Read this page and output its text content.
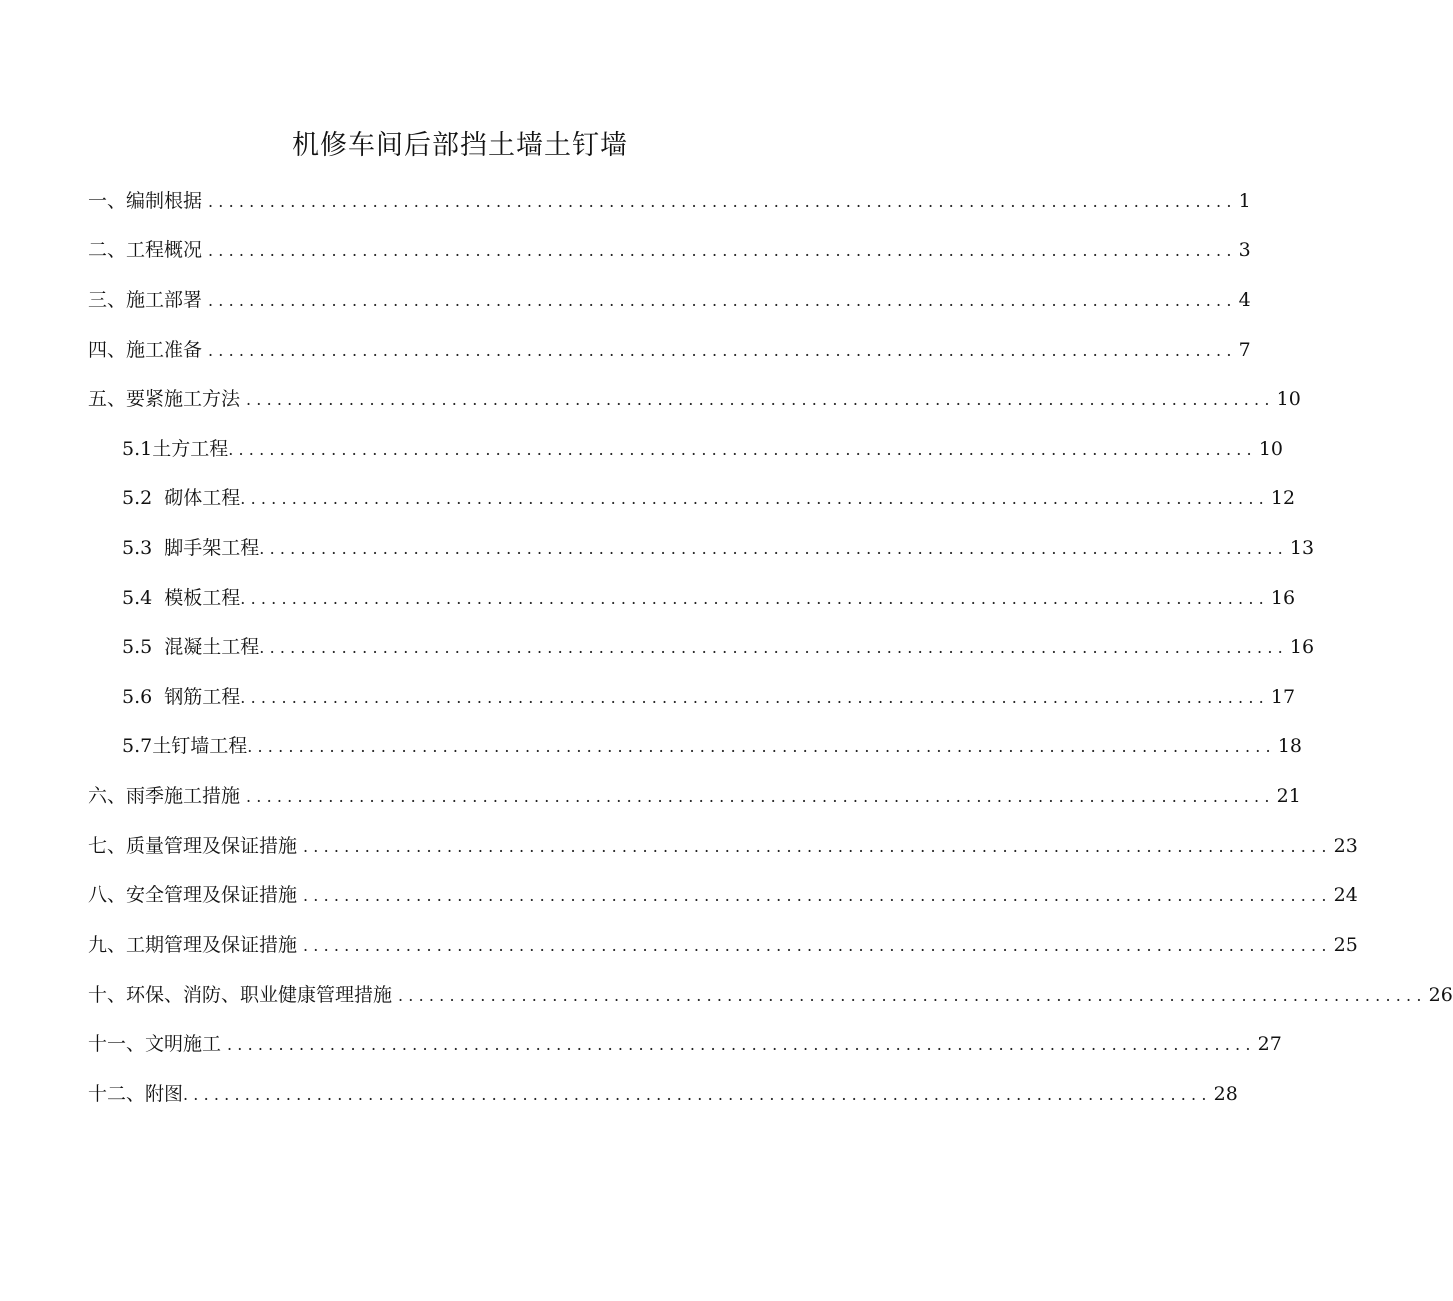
机修车间后部挡土墙土钉墙
一、编制根据 .................................................................................................... 1
二、工程概况 .................................................................................................... 3
三、施工部署 .................................................................................................... 4
四、施工准备 .................................................................................................... 7
五、要紧施工方法 .................................................................................................... 10
5.1土方工程 .................................................................................................... 10
5.2  砌体工程 .................................................................................................... 12
5.3  脚手架工程 .................................................................................................... 13
5.4  模板工程 .................................................................................................... 16
5.5  混凝土工程 .................................................................................................... 16
5.6  钢筋工程 .................................................................................................... 17
5.7土钉墙工程 .................................................................................................... 18
六、雨季施工措施 .................................................................................................... 21
七、质量管理及保证措施 .................................................................................................... 23
八、安全管理及保证措施 .................................................................................................... 24
九、工期管理及保证措施 .................................................................................................... 25
十、环保、消防、职业健康管理措施 .................................................................................................... 26
十一、文明施工 .................................................................................................... 27
十二、附图 .................................................................................................... 28
